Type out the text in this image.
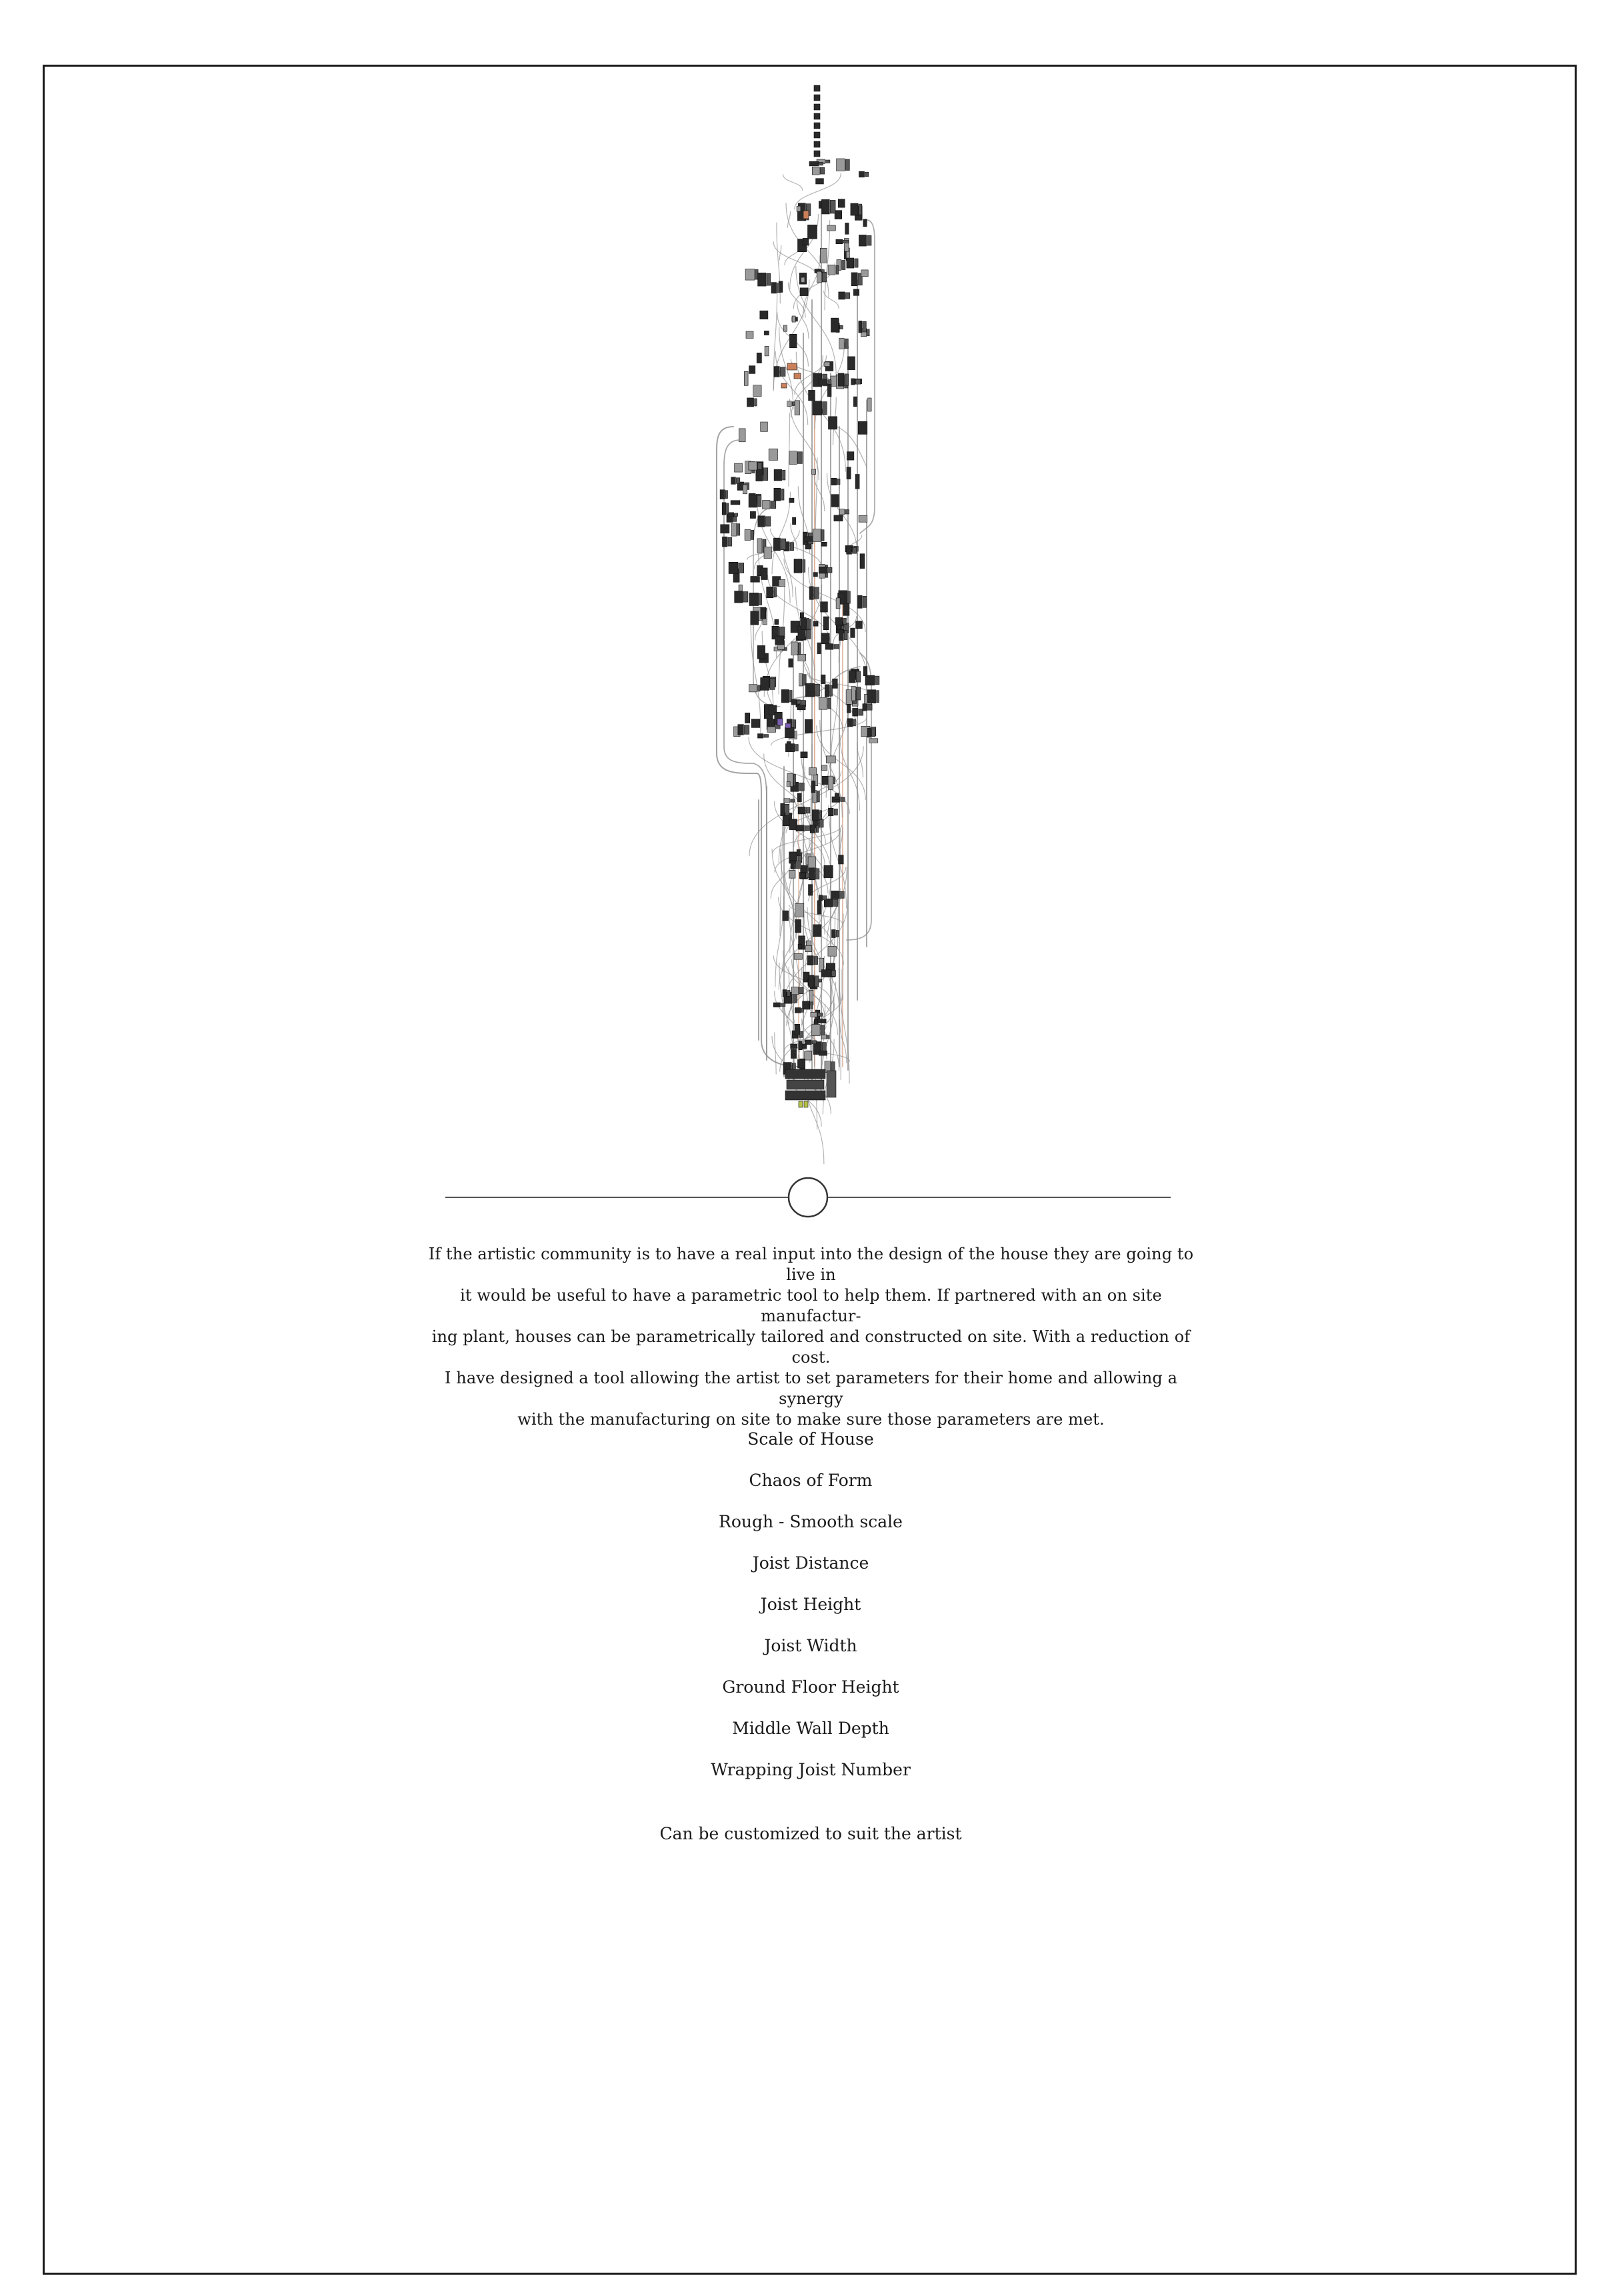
If the artistic community is to have a real input into the design of the house they are going to live in
it would be useful to have a parametric tool to help them. If partnered with an on site manufactur-
ing plant, houses can be parametrically tailored and constructed on site. With a reduction of cost.
I have designed a tool allowing the artist to set parameters for their home and allowing a synergy
with the manufacturing on site to make sure those parameters are met.

Scale of House
Chaos of Form
Rough - Smooth scale
Joist Distance
Joist Height
Joist Width
Ground Floor Height
Middle Wall Depth
Wrapping Joist Number
Can be customized to suit the artist
